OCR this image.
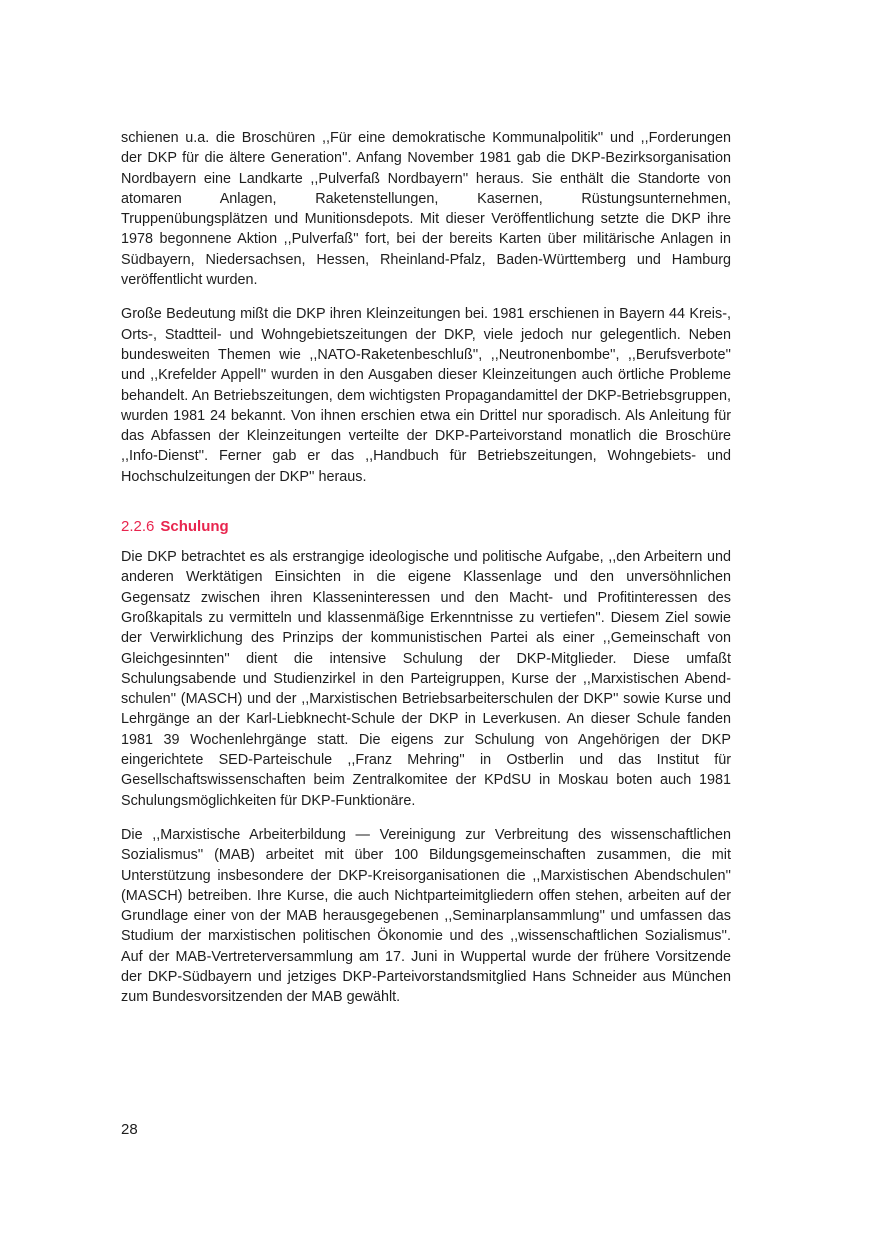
schienen u.a. die Broschüren ,,Für eine demokratische Kommunalpolitik'' und ,,Forderungen der DKP für die ältere Generation''. Anfang November 1981 gab die DKP-Bezirksorganisation Nordbayern eine Landkarte ,,Pulverfaß Nordbayern'' heraus. Sie enthält die Standorte von atomaren Anlagen, Raketenstellungen, Kasernen, Rüstungsunternehmen, Truppenübungsplätzen und Munitionsdepots. Mit dieser Veröffentlichung setzte die DKP ihre 1978 begonnene Aktion ,,Pulverfaß'' fort, bei der bereits Karten über militärische Anlagen in Südbayern, Niedersachsen, Hessen, Rheinland-Pfalz, Baden-Württemberg und Hamburg veröffentlicht wurden.

Große Bedeutung mißt die DKP ihren Kleinzeitungen bei. 1981 erschienen in Bayern 44 Kreis-, Orts-, Stadtteil- und Wohngebietszeitungen der DKP, viele jedoch nur gelegentlich. Neben bundesweiten Themen wie ,,NATO-Raketenbeschluß'', ,,Neutronenbombe'', ,,Berufsverbote'' und ,,Krefelder Appell'' wurden in den Ausgaben dieser Kleinzeitungen auch örtliche Probleme behandelt. An Betriebszeitungen, dem wichtigsten Propagandamittel der DKP-Betriebsgruppen, wurden 1981 24 bekannt. Von ihnen erschien etwa ein Drittel nur sporadisch. Als Anleitung für das Abfassen der Kleinzeitungen verteilte der DKP-Parteivorstand monatlich die Broschüre ,,Info-Dienst''. Ferner gab er das ,,Handbuch für Betriebszeitungen, Wohngebiets- und Hochschulzeitungen der DKP'' heraus.

2.2.6 Schulung

Die DKP betrachtet es als erstrangige ideologische und politische Aufgabe, ,,den Arbeitern und anderen Werktätigen Einsichten in die eigene Klassenlage und den unversöhnlichen Gegensatz zwischen ihren Klasseninteressen und den Macht- und Profitinteressen des Großkapitals zu vermitteln und klassenmäßige Erkenntnisse zu vertiefen''. Diesem Ziel sowie der Verwirklichung des Prinzips der kommunistischen Partei als einer ,,Gemeinschaft von Gleichgesinnten'' dient die intensive Schulung der DKP-Mitglieder. Diese umfaßt Schulungsabende und Studienzirkel in den Parteigruppen, Kurse der ,,Marxistischen Abendschulen'' (MASCH) und der ,,Marxistischen Betriebsarbeiterschulen der DKP'' sowie Kurse und Lehrgänge an der Karl-Liebknecht-Schule der DKP in Leverkusen. An dieser Schule fanden 1981 39 Wochenlehrgänge statt. Die eigens zur Schulung von Angehörigen der DKP eingerichtete SED-Parteischule ,,Franz Mehring'' in Ostberlin und das Institut für Gesellschaftswissenschaften beim Zentralkomitee der KPdSU in Moskau boten auch 1981 Schulungsmöglichkeiten für DKP-Funktionäre.

Die ,,Marxistische Arbeiterbildung — Vereinigung zur Verbreitung des wissenschaftlichen Sozialismus'' (MAB) arbeitet mit über 100 Bildungsgemeinschaften zusammen, die mit Unterstützung insbesondere der DKP-Kreisorganisationen die ,,Marxistischen Abendschulen'' (MASCH) betreiben. Ihre Kurse, die auch Nichtparteimitgliedern offen stehen, arbeiten auf der Grundlage einer von der MAB herausgegebenen ,,Seminarplansammlung'' und umfassen das Studium der marxistischen politischen Ökonomie und des ,,wissenschaftlichen Sozialismus''. Auf der MAB-Vertreterversammlung am 17. Juni in Wuppertal wurde der frühere Vorsitzende der DKP-Südbayern und jetziges DKP-Parteivorstandsmitglied Hans Schneider aus München zum Bundesvorsitzenden der MAB gewählt.

28
